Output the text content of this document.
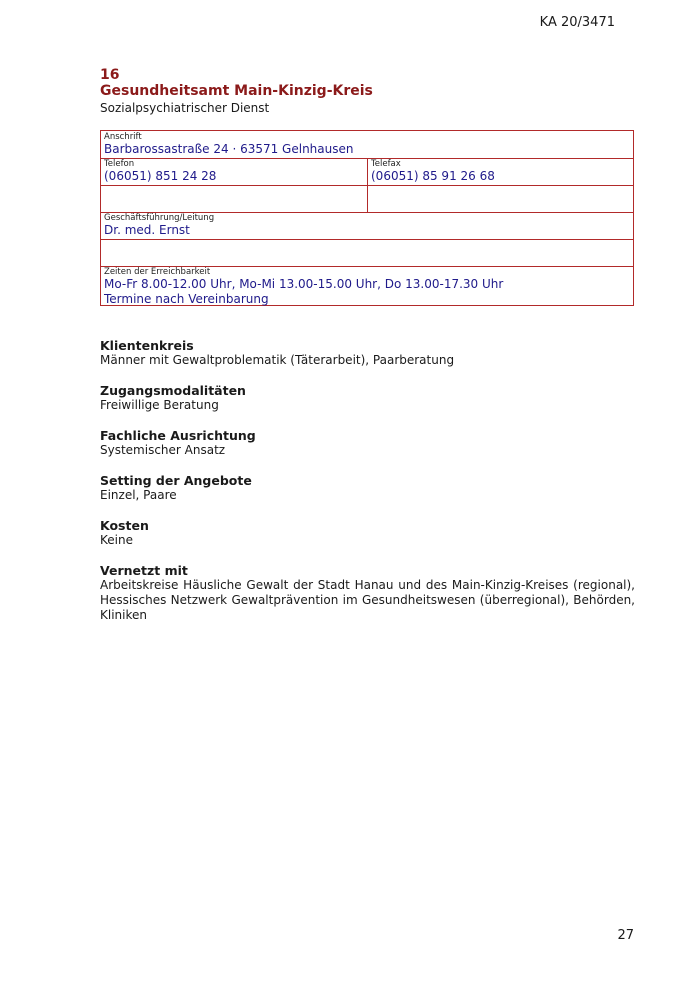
KA 20/3471
16
Gesundheitsamt Main-Kinzig-Kreis
Sozialpsychiatrischer Dienst
Anschrift
Barbarossastraße 24 · 63571 Gelnhausen
Telefon
(06051) 851 24 28
Telefax
(06051) 85 91 26 68
Geschäftsführung/Leitung
Dr. med. Ernst
Zeiten der Erreichbarkeit
Mo-Fr 8.00-12.00 Uhr, Mo-Mi 13.00-15.00 Uhr, Do 13.00-17.30 Uhr
Termine nach Vereinbarung
Klientenkreis
Männer mit Gewaltproblematik (Täterarbeit), Paarberatung
Zugangsmodalitäten
Freiwillige Beratung
Fachliche Ausrichtung
Systemischer Ansatz
Setting der Angebote
Einzel, Paare
Kosten
Keine
Vernetzt mit
Arbeitskreise Häusliche Gewalt der Stadt Hanau und des Main-Kinzig-Kreises (regional), Hessisches Netzwerk Gewaltprävention im Gesundheitswesen (überregional), Behörden, Kliniken
27
